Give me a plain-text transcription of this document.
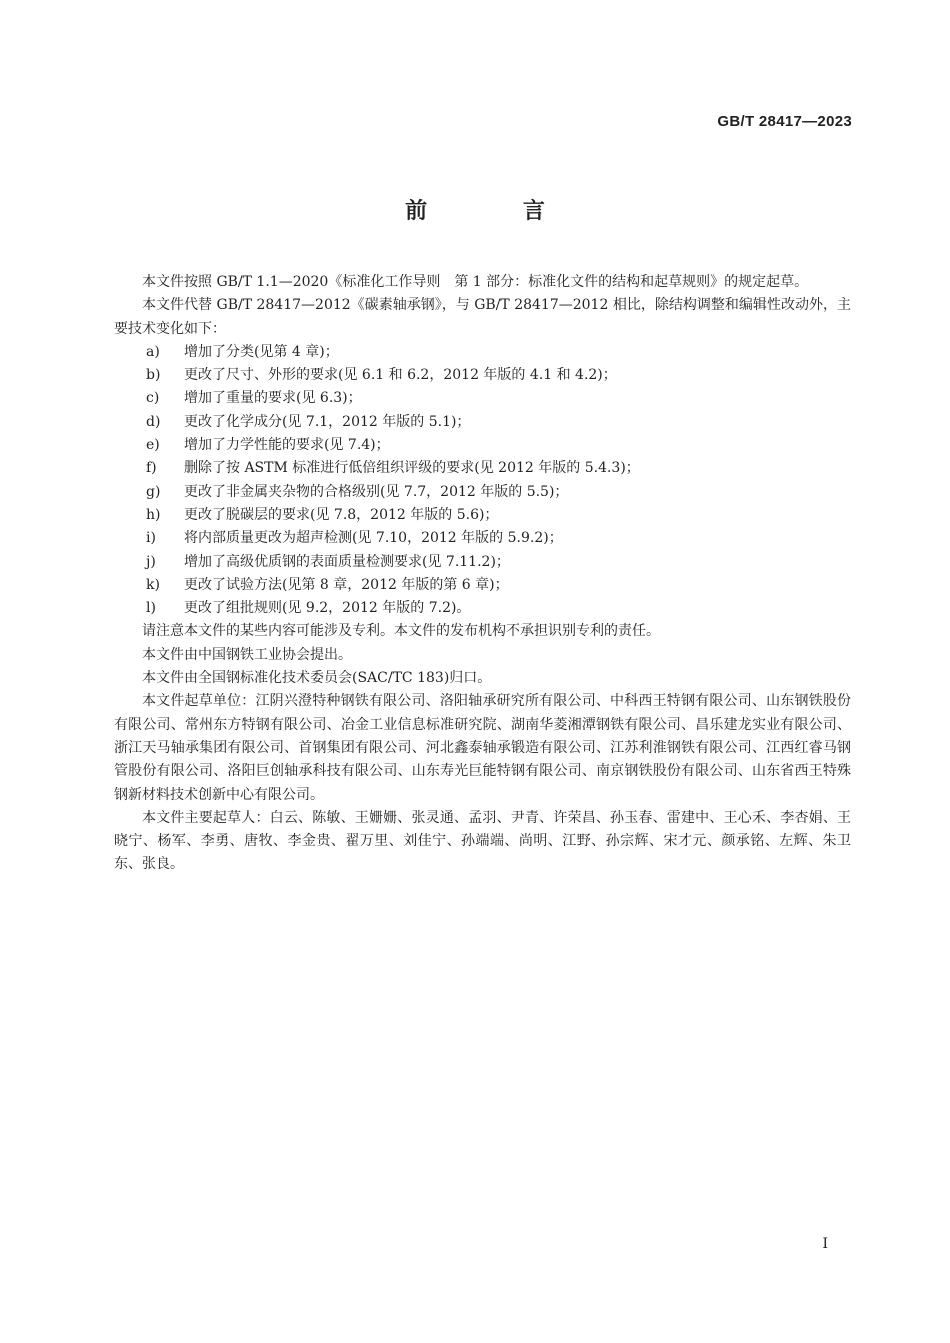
GB/T 28417—2023
前 言

本文件按照 GB/T 1.1—2020《标准化工作导则　第 1 部分：标准化文件的结构和起草规则》的规定起草。

本文件代替 GB/T 28417—2012《碳素轴承钢》，与 GB/T 28417—2012 相比，除结构调整和编辑性改动外，主要技术变化如下：

a)	增加了分类(见第 4 章)；
b)	更改了尺寸、外形的要求(见 6.1 和 6.2，2012 年版的 4.1 和 4.2)；
c)	增加了重量的要求(见 6.3)；
d)	更改了化学成分(见 7.1，2012 年版的 5.1)；
e)	增加了力学性能的要求(见 7.4)；
f)	删除了按 ASTM 标准进行低倍组织评级的要求(见 2012 年版的 5.4.3)；
g)	更改了非金属夹杂物的合格级别(见 7.7，2012 年版的 5.5)；
h)	更改了脱碳层的要求(见 7.8，2012 年版的 5.6)；
i)	将内部质量更改为超声检测(见 7.10，2012 年版的 5.9.2)；
j)	增加了高级优质钢的表面质量检测要求(见 7.11.2)；
k)	更改了试验方法(见第 8 章，2012 年版的第 6 章)；
l)	更改了组批规则(见 9.2，2012 年版的 7.2)。

请注意本文件的某些内容可能涉及专利。本文件的发布机构不承担识别专利的责任。

本文件由中国钢铁工业协会提出。

本文件由全国钢标准化技术委员会(SAC/TC 183)归口。

本文件起草单位：江阴兴澄特种钢铁有限公司、洛阳轴承研究所有限公司、中科西王特钢有限公司、山东钢铁股份有限公司、常州东方特钢有限公司、冶金工业信息标准研究院、湖南华菱湘潭钢铁有限公司、昌乐建龙实业有限公司、浙江天马轴承集团有限公司、首钢集团有限公司、河北鑫泰轴承锻造有限公司、江苏利淮钢铁有限公司、江西红睿马钢管股份有限公司、洛阳巨创轴承科技有限公司、山东寿光巨能特钢有限公司、南京钢铁股份有限公司、山东省西王特殊钢新材料技术创新中心有限公司。

本文件主要起草人：白云、陈敏、王姗姗、张灵通、孟羽、尹青、许荣昌、孙玉春、雷建中、王心禾、李杏娟、王晓宁、杨军、李勇、唐牧、李金贵、翟万里、刘佳宁、孙端端、尚明、江野、孙宗辉、宋才元、颜承铭、左辉、朱卫东、张良。

I
